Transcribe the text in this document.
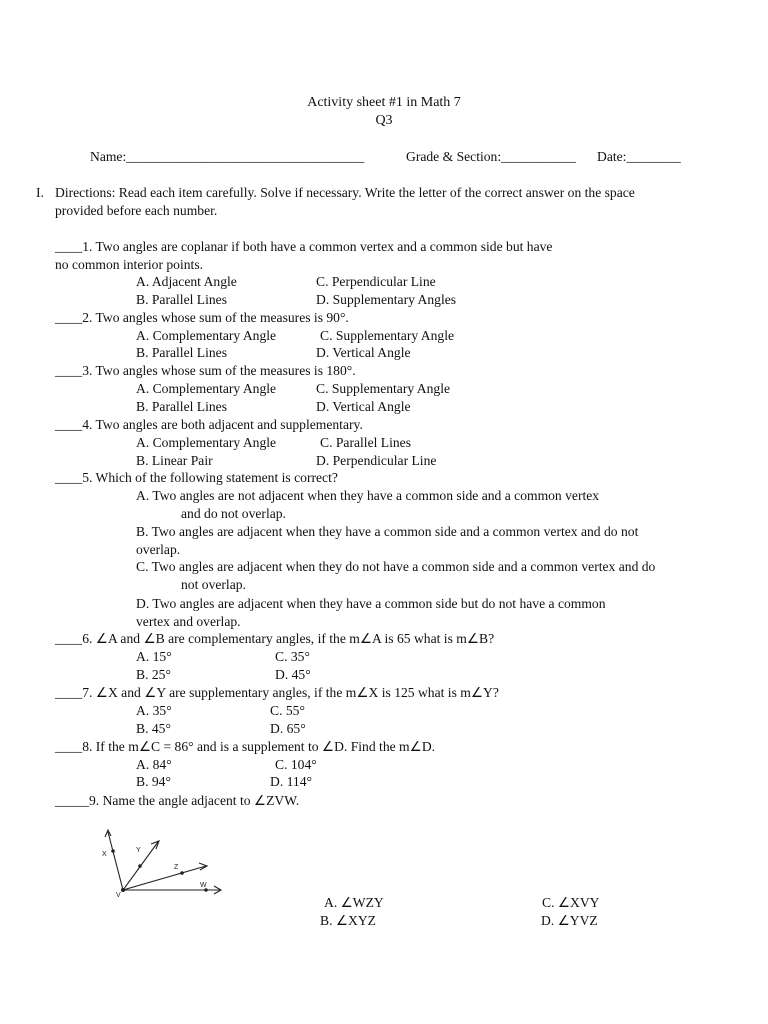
Activity sheet #1 in Math 7
Q3
Name:___________________________________	Grade & Section:___________ Date:________
I. Directions: Read each item carefully. Solve if necessary. Write the letter of the correct answer on the space
provided before each number.
____1. Two angles are coplanar if both have a common vertex and a common side but have
no common interior points.
A. Adjacent Angle	C. Perpendicular Line
B. Parallel Lines	D. Supplementary Angles
____2. Two angles whose sum of the measures is 90°.
A. Complementary Angle	C. Supplementary Angle
B. Parallel Lines	D. Vertical Angle
____3. Two angles whose sum of the measures is 180°.
A. Complementary Angle	C. Supplementary Angle
B. Parallel Lines	D. Vertical Angle
____4. Two angles are both adjacent and supplementary.
A. Complementary Angle	C. Parallel Lines
B. Linear Pair	D. Perpendicular Line
____5. Which of the following statement is correct?
A. Two angles are not adjacent when they have a common side and a common vertex
and do not overlap.
B. Two angles are adjacent when they have a common side and a common vertex and do not
overlap.
C. Two angles are adjacent when they do not have a common side and a common vertex and do
not overlap.
D. Two angles are adjacent when they have a common side but do not have a common
vertex and overlap.
____6. ∠A and ∠B are complementary angles, if the m∠A is 65 what is m∠B?
A. 15°	C. 35°
B. 25°	D. 45°
____7. ∠X and ∠Y are supplementary angles, if the m∠X is 125 what is m∠Y?
A. 35°	C. 55°
B. 45°	D. 65°
____8. If the m∠C = 86° and is a supplement to ∠D. Find the m∠D.
A. 84°	C. 104°
B. 94°	D. 114°
_____9. Name the angle adjacent to ∠ZVW.
X
Y
Z
W
V	A. ∠WZY	C. ∠XVY
B. ∠XYZ	D. ∠YVZ
